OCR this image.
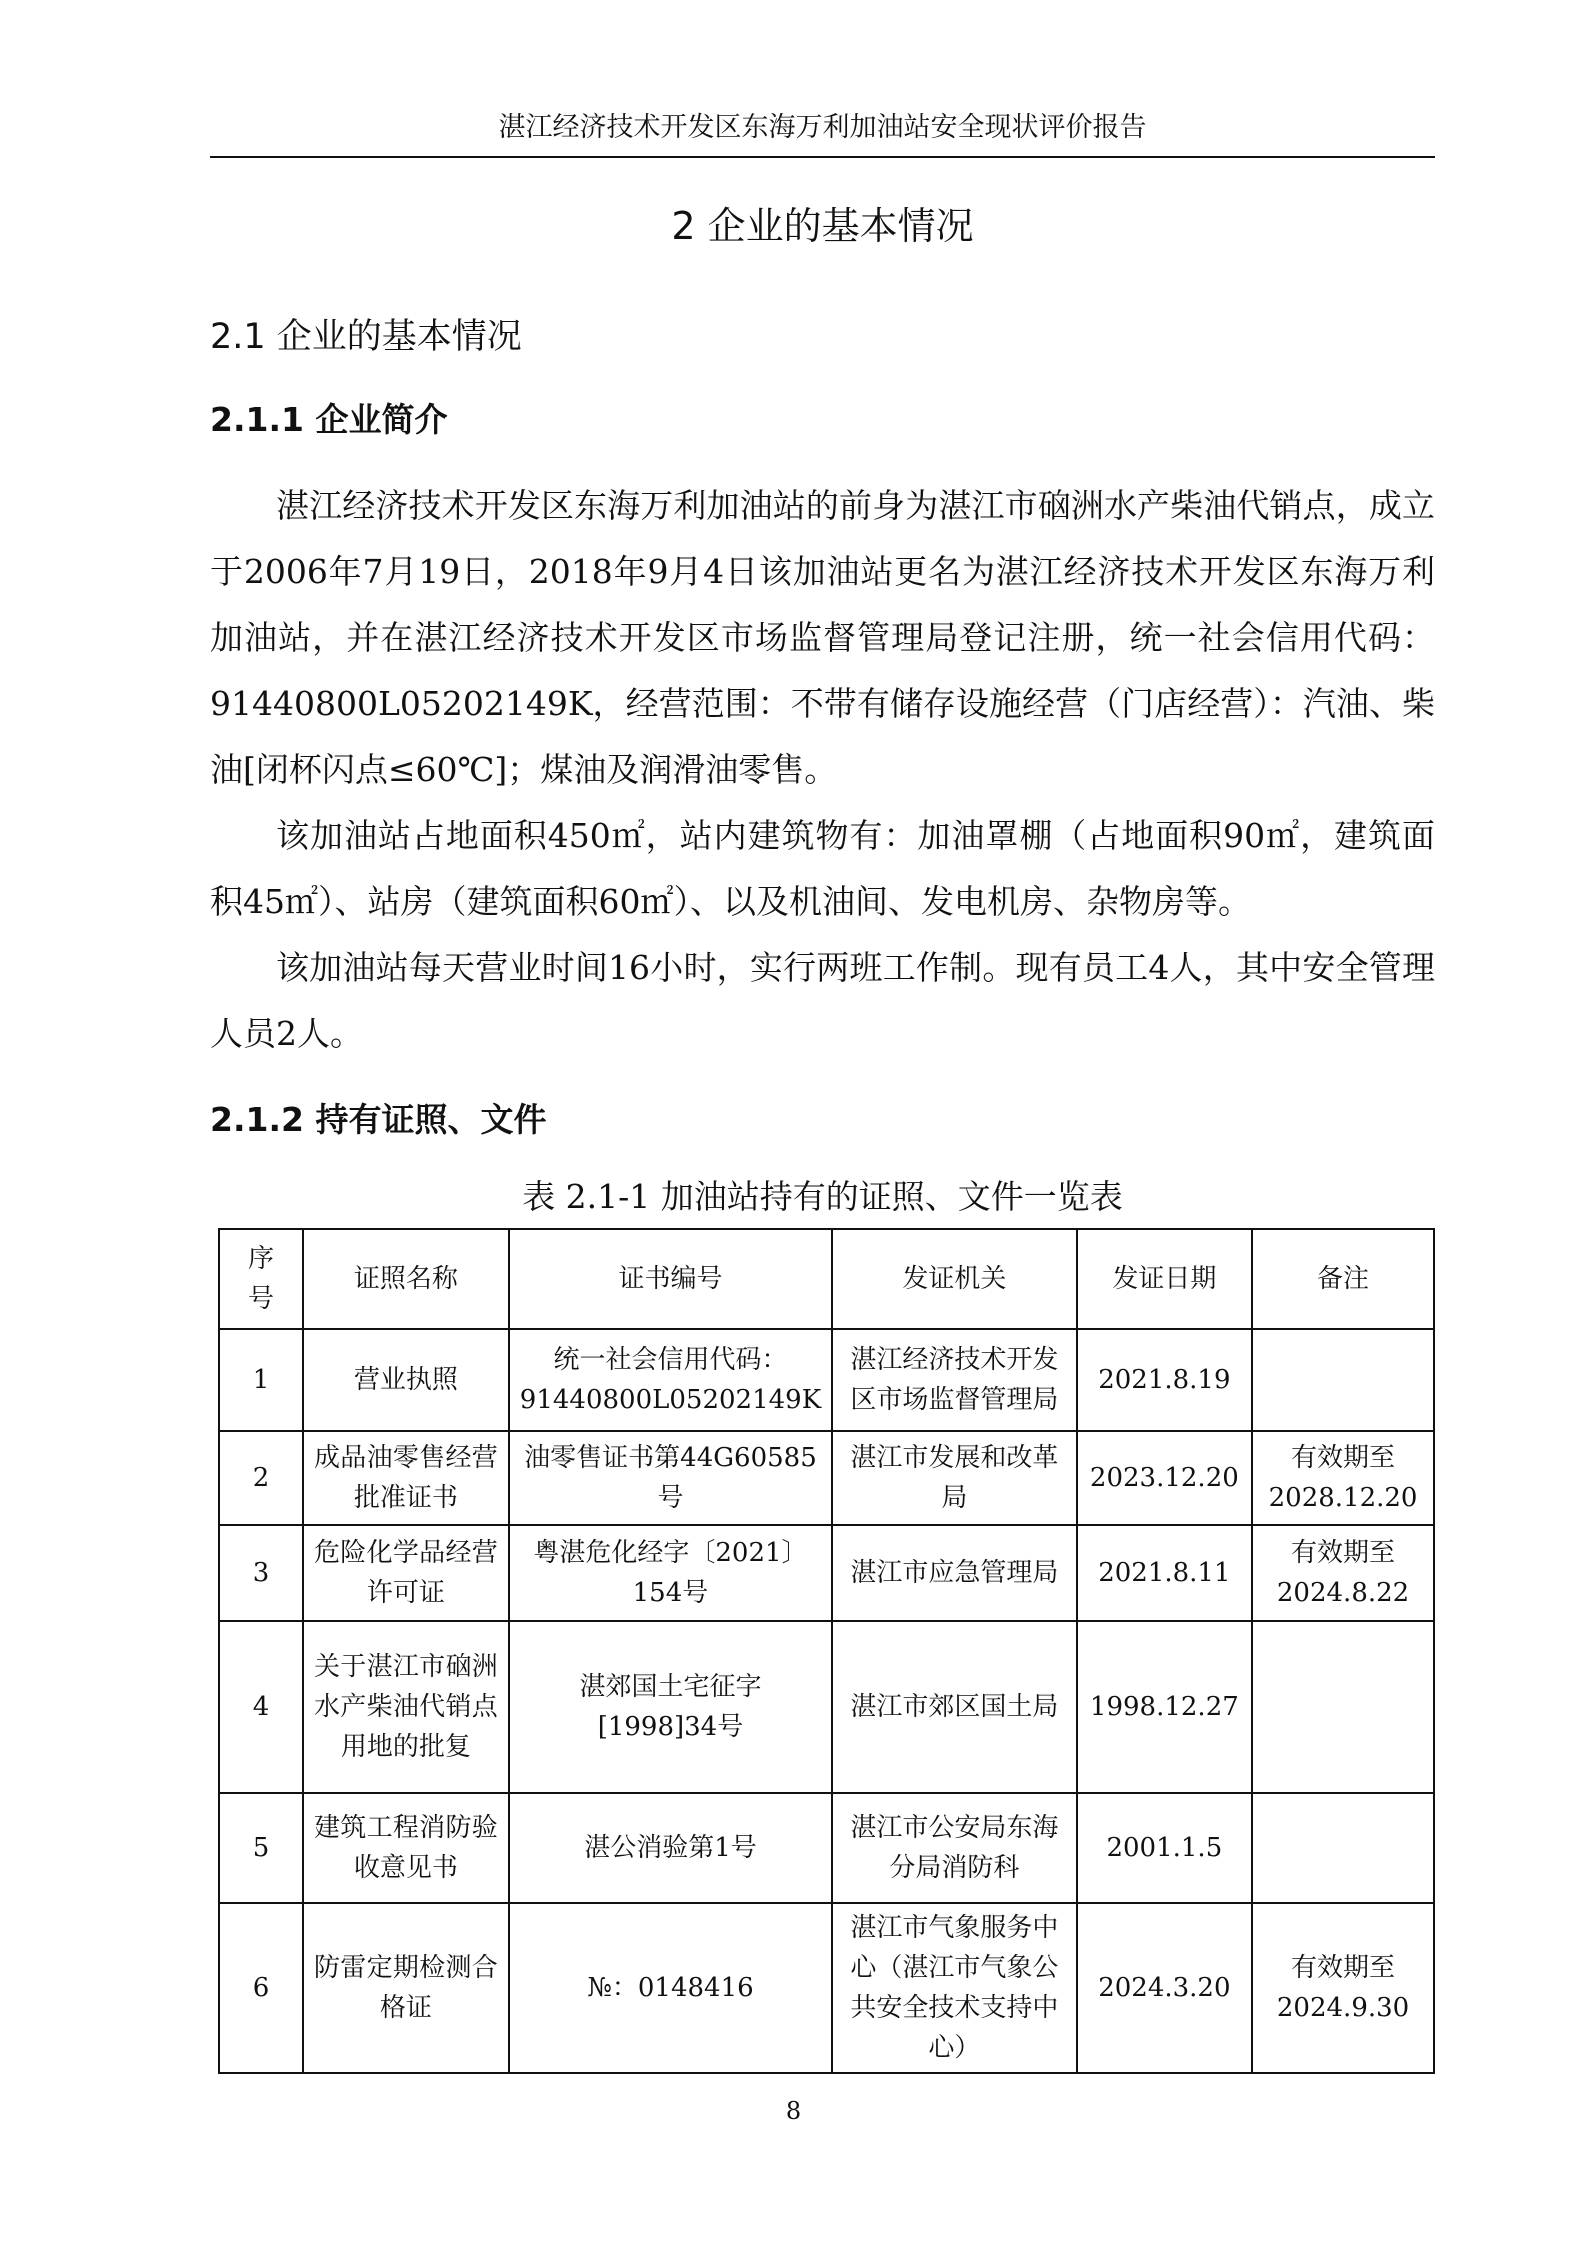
湛江经济技术开发区东海万利加油站安全现状评价报告
2 企业的基本情况
2.1 企业的基本情况
2.1.1 企业简介

湛江经济技术开发区东海万利加油站的前身为湛江市硇洲水产柴油代销点，成立于2006年7月19日，2018年9月4日该加油站更名为湛江经济技术开发区东海万利加油站，并在湛江经济技术开发区市场监督管理局登记注册，统一社会信用代码：91440800L05202149K，经营范围：不带有储存设施经营（门店经营）：汽油、柴油[闭杯闪点≤60℃]；煤油及润滑油零售。

该加油站占地面积450㎡，站内建筑物有：加油罩棚（占地面积90㎡，建筑面积45㎡）、站房（建筑面积60㎡）、以及机油间、发电机房、杂物房等。

该加油站每天营业时间16小时，实行两班工作制。现有员工4人，其中安全管理人员2人。

2.1.2 持有证照、文件
表 2.1-1 加油站持有的证照、文件一览表
序号	证照名称	证书编号	发证机关	发证日期	备注
1	营业执照	统一社会信用代码：91440800L05202149K	湛江经济技术开发区市场监督管理局	2021.8.19	
2	成品油零售经营批准证书	油零售证书第44G60585号	湛江市发展和改革局	2023.12.20	有效期至2028.12.20
3	危险化学品经营许可证	粤湛危化经字〔2021〕154号	湛江市应急管理局	2021.8.11	有效期至2024.8.22
4	关于湛江市硇洲水产柴油代销点用地的批复	湛郊国土宅征字[1998]34号	湛江市郊区国土局	1998.12.27	
5	建筑工程消防验收意见书	湛公消验第1号	湛江市公安局东海分局消防科	2001.1.5	
6	防雷定期检测合格证	№：0148416	湛江市气象服务中心（湛江市气象公共安全技术支持中心）	2024.3.20	有效期至2024.9.30
8
